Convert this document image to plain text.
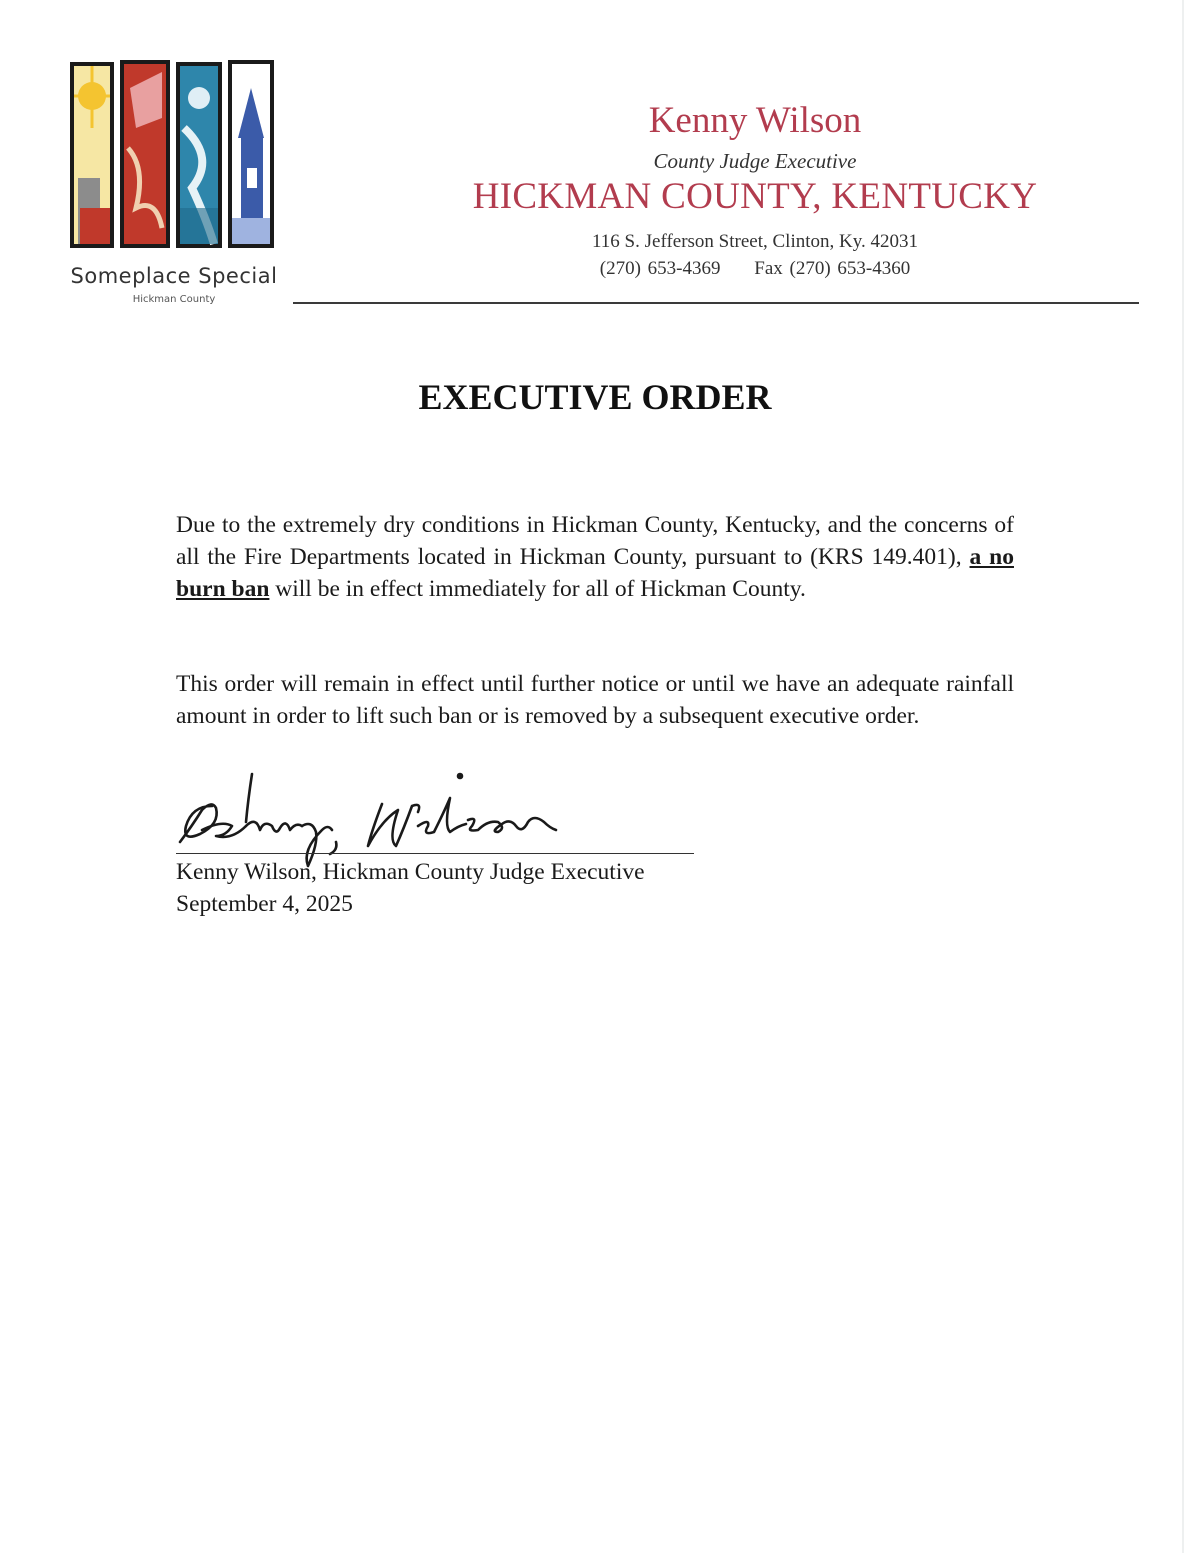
Someplace Special
Hickman County
Kenny Wilson
County Judge Executive
HICKMAN COUNTY, KENTUCKY
116 S. Jefferson Street, Clinton, Ky. 42031
(270) 653-4369     Fax (270) 653-4360
EXECUTIVE ORDER
Due to the extremely dry conditions in Hickman County, Kentucky, and the concerns of all the Fire Departments located in Hickman County, pursuant to (KRS 149.401), a no burn ban will be in effect immediately for all of Hickman County.
This order will remain in effect until further notice or until we have an adequate rainfall amount in order to lift such ban or is removed by a subsequent executive order.
Kenny Wilson, Hickman County Judge Executive
September 4, 2025
